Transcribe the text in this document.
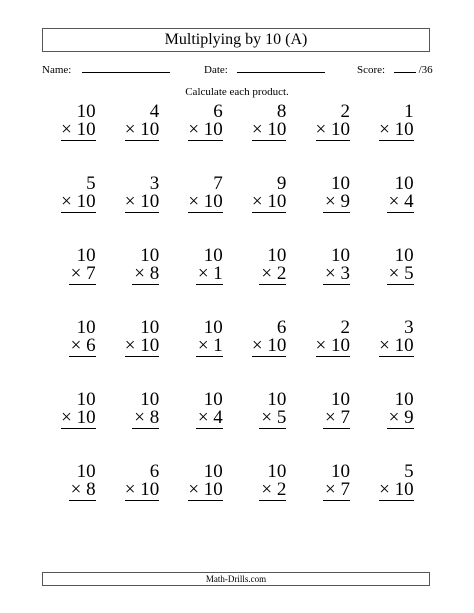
Multiplying by 10 (A)
Name:	Date:	Score:	/36
Calculate each product.
10
× 10
4
× 10
6
× 10
8
× 10
2
× 10
1
× 10
5
× 10
3
× 10
7
× 10
9
× 10
10
× 9
10
× 4
10
× 7
10
× 8
10
× 1
10
× 2
10
× 3
10
× 5
10
× 6
10
× 10
10
× 1
6
× 10
2
× 10
3
× 10
10
× 10
10
× 8
10
× 4
10
× 5
10
× 7
10
× 9
10
× 8
6
× 10
10
× 10
10
× 2
10
× 7
5
× 10
Math-Drills.com
